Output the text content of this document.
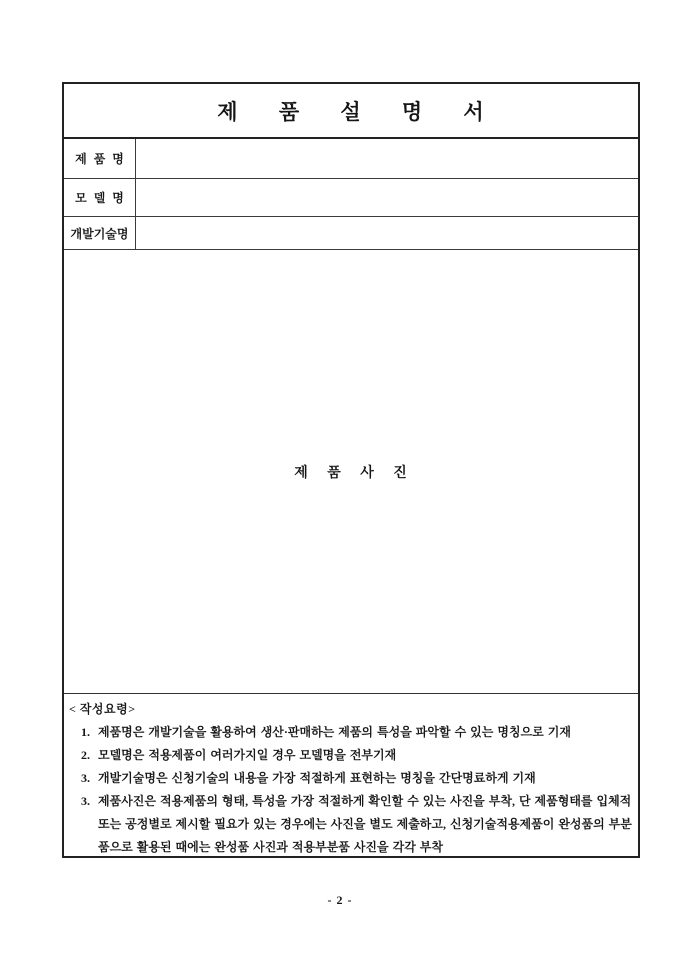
제 품 설 명 서
제 품 명
모 델 명
개발기술명
제 품 사 진
< 작성요령>
1. 제품명은 개발기술을 활용하여 생산·판매하는 제품의 특성을 파악할 수 있는 명칭으로 기재
2. 모델명은 적용제품이 여러가지일 경우 모델명을 전부기재
3. 개발기술명은 신청기술의 내용을 가장 적절하게 표현하는 명칭을 간단명료하게 기재
3. 제품사진은 적용제품의 형태, 특성을 가장 적절하게 확인할 수 있는 사진을 부착, 단 제품형태를 입체적 또는 공정별로 제시할 필요가 있는 경우에는 사진을 별도 제출하고, 신청기술적용제품이 완성품의 부분품으로 활용된 때에는 완성품 사진과 적용부분품 사진을 각각 부착
- 2 -
